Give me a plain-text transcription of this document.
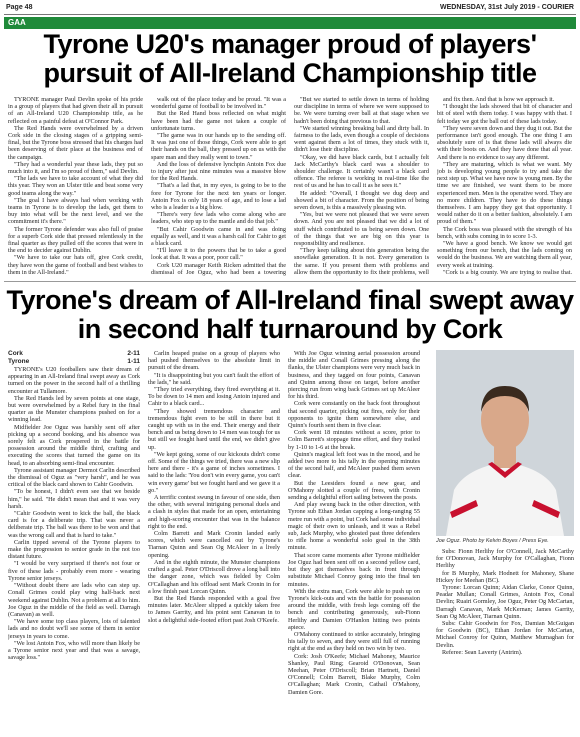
Page 48	WEDNESDAY, 31st July 2019 - COURIER
GAA
Tyrone U20's manager proud of players' pursuit of All-Ireland Championship title

TYRONE manager Paul Devlin spoke of his pride in a group of players that had given their all in pursuit of an All-Ireland U20 Championship title, as he reflected on a painful defeat at O'Connor Park.

The Red Hands were overwhelmed by a driven Cork side in the closing stages of a gripping semi-final, but the Tyrone boss stressed that his charges had been deserving of their place at the business end of the campaign.

"They had a wonderful year these lads, they put so much into it, and I'm so proud of them," said Devlin.

"The lads we have to take account of what they did this year. They won an Ulster title and beat some very good teams along the way."

"The goal I have always had when working with teams in Tyrone is to develop the lads, get them to buy into what will be the next level, and we the commitment it's there."

The former Tyrone defender was also full of praise for a superb Cork side that pressed relentlessly in the final quarter as they pulled off the scores that were in the end to decider against Dublin.

"We have to take our hats off, give Cork credit, they have won the game of football and best wishes to them in the All-Ireland."

walk out of the place today and be proud. "It was a wonderful game of football to be involved in."

But the Red Hand boss reflected on what might have been had the game not taken a couple of unfortunate turns.

"The game was in our hands up to the sending off. It was just one of those things, Cork were able to get their hands on the ball, they pressed up on us with the spare man and they really went to town."

And the loss of defensive lynchpin Antoin Fox due to injury after just nine minutes was a massive blow for the Red Hands.

"That's a lad that, in my eyes, is going to be to the fore for Tyrone for the next ten years or longer. Antoin Fox is only 18 years of age, and to lose a lad who is a leader is a big blow.

"There's very few lads who come along who are leaders, who step up to the mantle and do that job."

"But Cahir Goodwin came in and was doing equally as well, and it was a harsh call for Cahir to get a black card.

"I'll leave it to the powers that be to take a good look at that. It was a poor, poor call."

Cork U20 manager Keith Ricken admitted that the dismissal of Joe Oguz, who had been a towering

"But we started to settle down in terms of holding our discipline in terms of where we were supposed to be. We were turning over ball at that stage when we hadn't been doing that previous to that.

"We started winning breaking ball and dirty ball. In fairness to the lads, even though a couple of decisions went against them a lot of times, they stuck with it, didn't lose their discipline.

"Okay, we did have black cards, but I actually felt Jack McCarthy's black card was a shoulder to shoulder challenge. It certainly wasn't a black card offence. The referee is working in real-time like the rest of us and he has to call it as he sees it."

He added: "Overall, I thought we dug deep and showed a bit of character. From the position of being seven down, is this a massively pleasing win.

"Yes, but we were not pleased that we were seven down. And you are not pleased that we did a lot of stuff which contributed to us being seven down. One of the things that we are big on this year is responsibility and resilience.

"They keep talking about this generation being the snowflake generation. It is not. Every generation is the same. If you present them with problems and allow them the opportunity to fix their problems, well

and fix then. And that is how we approach it.

"I thought the lads showed that bit of character and bit of steel with them today. I was happy with that. I felt today we got the ball out of these lads today.

"They were seven down and they dug it out. But the performance isn't good enough. The one thing I am absolutely sure of is that these lads will always die with their boots on. And they have done that all year. And there is no evidence to say any different.

"They are maturing, which is what we want. My job is developing young people to try and take the next step up. What we have now is young men. By the time we are finished, we want them to be more experienced men. Men is the operative word. They are no more children. They have to do these things themselves. I am happy they got that opportunity. I would rather do it on a better fashion, absolutely. I am proud of them."

The Cork boss was pleased with the strength of his bench, with subs coming in to score 1-3.

"We have a good bench. We know we would get something from our bench, that the lads coming on would do the business. We are watching them all year, every week at training.

"Cork is a big county. We are trying to realise that.

Tyrone's dream of All-Ireland final swept away in second half turnaround by Cork
Cork	2-11
Tyrone	1-11

TYRONE's U20 footballers saw their dream of appearing in an All-Ireland final swept away as Cork turned on the power in the second half of a thrilling encounter at Tullamore.

The Red Hands led by seven points at one stage, but were overwhelmed by a Rebel fury in the final quarter as the Munster champions pushed on for a winning lead.

Midfielder Joe Oguz was harshly sent off after picking up a second booking, and his absence was sorely felt as Cork prospered in the battle for possession around the middle third, crafting and executing the scores that turned the game on its head, to an absorbing semi-final encounter.

Tyrone assistant manager Dermot Carlin described the dismissal of Oguz as "very harsh", and he was critical of the black card shown to Cahir Goodwin.

"To be honest, I didn't even see that we beside him," he said. "He didn't mean that and it was very harsh.

"Cahir Goodwin went to kick the ball, the black card is for a deliberate trip. That was never a deliberate trip. The ball was there to be won and that was the wrong call and that is hard to take."

Carlin tipped several of the Tyrone players to make the progression to senior grade in the not too distant future.

"I would be very surprised if there's not four or five of these lads - probably even more - wearing Tyrone senior jerseys.

"Without doubt there are lads who can step up. Conall Grimes could play wing half-back next weekend against Dublin. Not a problem at all to him. Joe Oguz in the middle of the field as well. Darragh (Canavan) as well.

"We have some top class players, lots of talented lads and no doubt we'll see some of them in senior jerseys in years to come.

"We lost Antoin Fox, who will more than likely be a Tyrone senior next year and that was a savage, savage loss."

Carlin heaped praise on a group of players who had pushed themselves to the absolute limit in pursuit of the dream.

"It is disappointing but you can't fault the effort of the lads," he said.

"They tried everything, they fired everything at it. To be down to 14 men and losing Antoin injured and Cahir to a black card...

"They showed tremendous character and tremendous fight even to be still in there but it caught up with us in the end. Their energy and their bench and us being down to 14 men was tough for us but still we fought hard until the end, we didn't give up.

"We kept going, some of our kickouts didn't come off. Some of the things we tried, there was a new slip here and there - it's a game of inches sometimes. I said to the lads: 'You don't win every game, you can't win every game' but we fought hard and we gave it a go."

A terrific contest swung in favour of one side, then the other, with several intriguing personal duels and a clash in styles that made for an open, entertaining and high-scoring encounter that was in the balance right to the end.

Colm Barrett and Mark Cronin landed early scores, which were cancelled out by Tyrone's Tiarnan Quinn and Sean Og McAleer in a lively opening.

And in the eighth minute, the Munster champions crafted a goal. Peter O'Driscoll drove a long ball into the danger zone, which was fielded by Colm O'Callaghan and his offload sent Mark Cronin in for a low finish past Lorcan Quinn.

But the Red Hands responded with a goal five minutes later. McAleer slipped a quickly taken free to James Garrity, and his point sent Canavan in to slot a delightful side-footed effort past Josh O'Keefe.

With Joe Oguz winning aerial possession around the middle and Conall Grimes pressing along the flanks, the Ulster champions were very much back in business, and they tagged on four points, Canavan and Quinn among those on target, before another piercing run from wing back Grimes set up McAleer for his third.

Cork were constantly on the back foot throughout that second quarter, picking out fires, only for their opponents to ignite them somewhere else, and Quinn's fourth sent them in five clear.

Cork went 18 minutes without a score, prior to Colm Barrett's stoppage time effort, and they trailed by 1-10 to 1-6 at the break.

Quinn's magical left foot was in the mood, and he added two more to his tally in the opening minutes of the second half, and McAleer pushed them seven clear.

But the Leesiders found a new gear, and O'Mahony slotted a couple of frees, with Cronin sending a delightful effort sailing between the posts.

And play swung back in the other direction, with Tyrone sub Ethan Jordan capping a long-ranging 55 metre run with a point, but Cork had some individual magic of their own to unleash, and it was a Rebel sub, Jack Murphy, who ghosted past three defenders to rifle home a wonderful solo goal in the 38th minute.

That score came moments after Tyrone midfielder Joe Oguz had been sent off on a second yellow card, but they got themselves back in front through substitute Michael Conroy going into the final ten minutes.

With the extra man, Cork were able to push up on Tyrone's kick-outs and win the battle for possession around the middle, with fresh legs coming off the bench and contributing generously, sub-Fionn Herlihy and Damien O'Hanlon hitting two points apiece.

O'Mahony continued to strike accurately, bringing his tally to seven, and they were still full of running right at the end as they held on two win by two.

Cork: Josh O'Keefe; Michael Mahoney, Maurice Shanley, Paul Ring; Gearoid O'Donovan, Sean Meehan, Peter O'Driscoll; Brian Hartnett, Daniel O'Connell; Colm Barrett, Blake Murphy, Colm O'Callaghan; Mark Cronin, Cathail O'Mahony, Damien Gore.

Joe Oguz. Photo by Kelvin Boyes / Press Eye.

Subs: Fionn Herlihy for O'Connell, Jack McCarthy for O'Donovan, Jack Murphy for O'Callaghan, Fionn Herlihy

for B Murphy, Mark Hodnett for Mahoney, Shane Hickey for Meehan (BC).

Tyrone: Lorcan Quinn; Aidan Clarke, Conor Quinn, Peadar Mullan; Conall Grimes, Antoin Fox, Conal Devlin; Ruairi Gormley, Joe Oguz, Peter Og McCartan, Darragh Canavan, Mark McKernan; James Garrity, Sean Og McAleer, Tiarnan Quinn.

Subs: Cahir Goodwin for Fox, Damian McGuigan for Goodwin (BC), Ethan Jordan for McCartan, Michael Conroy for Quinn, Matthew Murnaghan for Devlin.

Referee: Sean Laverty (Antrim).
